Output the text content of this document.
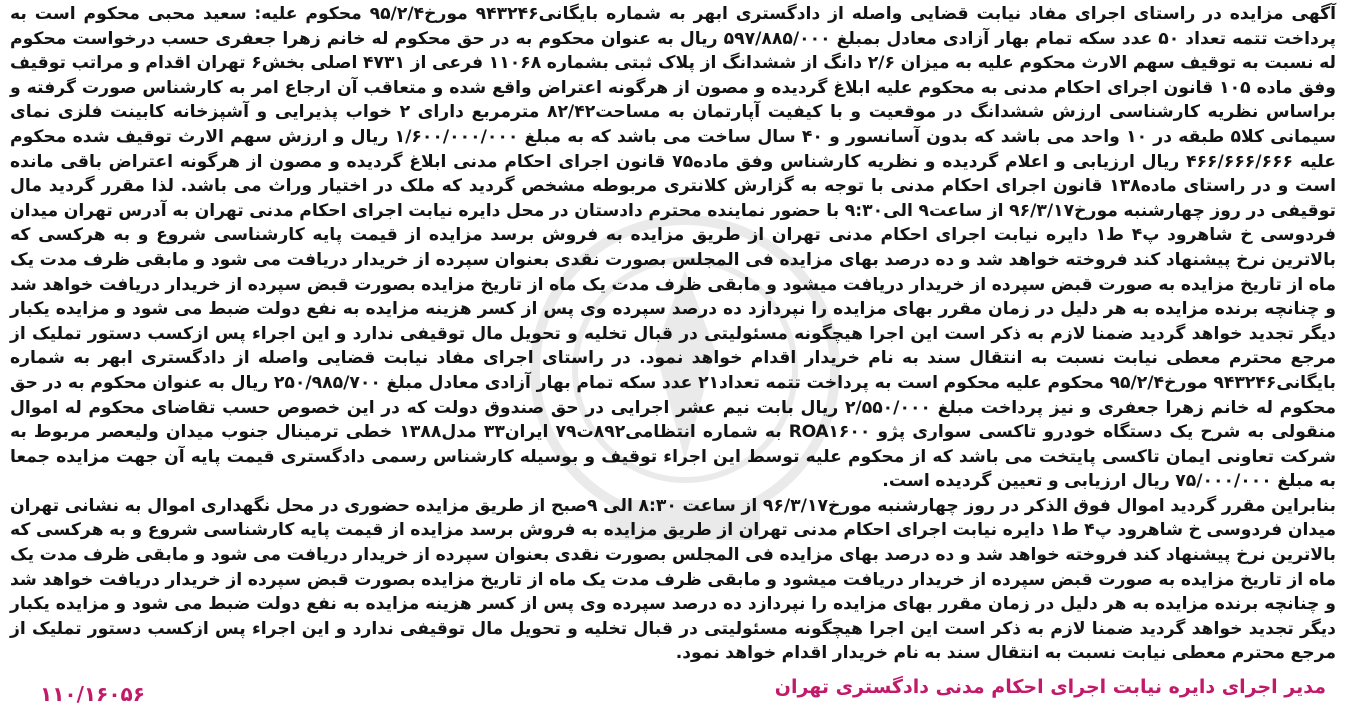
آگهی مزایده در راستای اجرای مفاد نیابت قضایی واصله از دادگستری ابهر به شماره بایگانی۹۴۳۲۴۶ مورخ۹۵/۲/۴ محکوم علیه: سعید محبی محکوم است به پرداخت تتمه تعداد ۵۰ عدد سکه تمام بهار آزادی معادل بمبلغ ۵۹۷/۸۸۵/۰۰۰ ریال به عنوان محکوم به در حق محکوم له خانم زهرا جعفری حسب درخواست محکوم له نسبت به توقیف سهم الارث محکوم علیه به میزان ۲/۶ دانگ از ششدانگ از پلاک ثبتی بشماره ۱۱۰۶۸ فرعی از ۴۷۳۱ اصلی بخش۶ تهران اقدام و مراتب توقیف وفق ماده ۱۰۵ قانون اجرای احکام مدنی به محکوم علیه ابلاغ گردیده و مصون از هرگونه اعتراض واقع شده و متعاقب آن ارجاع امر به کارشناس صورت گرفته و براساس نظریه کارشناسی ارزش ششدانگ در موقعیت و با کیفیت آپارتمان به مساحت۸۲/۴۲ مترمربع دارای ۲ خواب پذیرایی و آشپزخانه کابینت فلزی نمای سیمانی کلا۵ طبقه در ۱۰ واحد می باشد که بدون آسانسور و ۴۰ سال ساخت می باشد که به مبلغ ۱/۶۰۰/۰۰۰/۰۰۰ ریال و ارزش سهم الارث توقیف شده محکوم علیه ۴۶۶/۶۶۶/۶۶۶ ریال ارزیابی و اعلام گردیده و نظریه کارشناس وفق ماده۷۵ قانون اجرای احکام مدنی ابلاغ گردیده و مصون از هرگونه اعتراض باقی مانده است و در راستای ماده۱۳۸ قانون اجرای احکام مدنی با توجه به گزارش کلانتری مربوطه مشخص گردید که ملک در اختیار وراث می باشد. لذا مقرر گردید مال توقیفی در روز چهارشنبه مورخ۹۶/۳/۱۷ از ساعت۹ الی۹:۳۰ با حضور نماینده محترم دادستان در محل دایره نیابت اجرای احکام مدنی تهران به آدرس تهران میدان فردوسی خ شاهرود پ۴ ط۱ دایره نیابت اجرای احکام مدنی تهران از طریق مزایده به فروش برسد مزایده از قیمت پایه کارشناسی شروع و به هرکسی که بالاترین نرخ پیشنهاد کند فروخته خواهد شد و ده درصد بهای مزایده فی المجلس بصورت نقدی بعنوان سپرده از خریدار دریافت می شود و مابقی ظرف مدت یک ماه از تاریخ مزایده به صورت قبض سپرده از خریدار دریافت میشود و مابقی ظرف مدت یک ماه از تاریخ مزایده بصورت قبض سپرده از خریدار دریافت خواهد شد و چنانچه برنده مزایده به هر دلیل در زمان مقرر بهای مزایده را نپردازد ده درصد سپرده وی پس از کسر هزینه مزایده به نفع دولت ضبط می شود و مزایده یکبار دیگر تجدید خواهد گردید ضمنا لازم به ذکر است این اجرا هیچگونه مسئولیتی در قبال تخلیه و تحویل مال توقیفی ندارد و این اجراء پس ازکسب دستور تملیک از مرجع محترم معطی نیابت نسبت به انتقال سند به نام خریدار اقدام خواهد نمود. در راستای اجرای مفاد نیابت قضایی واصله از دادگستری ابهر به شماره بایگانی۹۴۳۲۴۶ مورخ۹۵/۲/۴ محکوم علیه محکوم است به پرداخت تتمه تعداد۲۱ عدد سکه تمام بهار آزادی معادل مبلغ ۲۵۰/۹۸۵/۷۰۰ ریال به عنوان محکوم به در حق محکوم له خانم زهرا جعفری و نیز پرداخت مبلغ ۲/۵۵۰/۰۰۰ ریال بابت نیم عشر اجرایی در حق صندوق دولت که در این خصوص حسب تقاضای محکوم له اموال منقولی به شرح یک دستگاه خودرو تاکسی سواری پژو ROA۱۶۰۰ به شماره انتظامی۸۹۲ت۷۹ ایران۳۳ مدل۱۳۸۸ خطی ترمینال جنوب میدان ولیعصر مربوط به شرکت تعاونی ایمان تاکسی پایتخت می باشد که از محکوم علیه توسط این اجراء توقیف و بوسیله کارشناس رسمی دادگستری قیمت پایه آن جهت مزایده جمعا به مبلغ ۷۵/۰۰۰/۰۰۰ ریال ارزیابی و تعیین گردیده است.

بنابراین مقرر گردید اموال فوق الذکر در روز چهارشنبه مورخ۹۶/۳/۱۷ از ساعت ۸:۳۰ الی ۹صبح از طریق مزایده حضوری در محل نگهداری اموال به نشانی تهران میدان فردوسی خ شاهرود پ۴ ط۱ دایره نیابت اجرای احکام مدنی تهران از طریق مزایده به فروش برسد مزایده از قیمت پایه کارشناسی شروع و به هرکسی که بالاترین نرخ پیشنهاد کند فروخته خواهد شد و ده درصد بهای مزایده فی المجلس بصورت نقدی بعنوان سپرده از خریدار دریافت می شود و مابقی ظرف مدت یک ماه از تاریخ مزایده به صورت قبض سپرده از خریدار دریافت میشود و مابقی ظرف مدت یک ماه از تاریخ مزایده بصورت قبض سپرده از خریدار دریافت خواهد شد و چنانچه برنده مزایده به هر دلیل در زمان مقرر بهای مزایده را نپردازد ده درصد سپرده وی پس از کسر هزینه مزایده به نفع دولت ضبط می شود و مزایده یکبار دیگر تجدید خواهد گردید ضمنا لازم به ذکر است این اجرا هیچگونه مسئولیتی در قبال تخلیه و تحویل مال توقیفی ندارد و این اجراء پس ازکسب دستور تملیک از مرجع محترم معطی نیابت نسبت به انتقال سند به نام خریدار اقدام خواهد نمود.

مدیر اجرای دایره نیابت اجرای احکام مدنی دادگستری تهران
۱۱۰/۱۶۰۵۶
